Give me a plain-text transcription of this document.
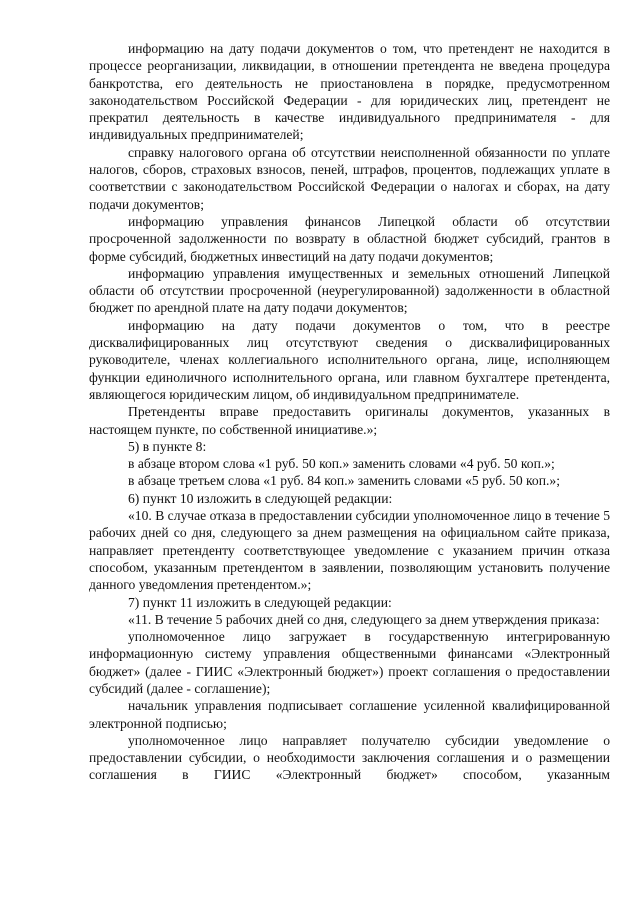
информацию на дату подачи документов о том, что претендент не находится в процессе реорганизации, ликвидации, в отношении претендента не введена процедура банкротства, его деятельность не приостановлена в порядке, предусмотренном законодательством Российской Федерации - для юридических лиц, претендент не прекратил деятельность в качестве индивидуального предпринимателя - для индивидуальных предпринимателей;

справку налогового органа об отсутствии неисполненной обязанности по уплате налогов, сборов, страховых взносов, пеней, штрафов, процентов, подлежащих уплате в соответствии с законодательством Российской Федерации о налогах и сборах, на дату подачи документов;

информацию управления финансов Липецкой области об отсутствии просроченной задолженности по возврату в областной бюджет субсидий, грантов в форме субсидий, бюджетных инвестиций на дату подачи документов;

информацию управления имущественных и земельных отношений Липецкой области об отсутствии просроченной (неурегулированной) задолженности в областной бюджет по арендной плате на дату подачи документов;

информацию на дату подачи документов о том, что в реестре дисквалифицированных лиц отсутствуют сведения о дисквалифицированных руководителе, членах коллегиального исполнительного органа, лице, исполняющем функции единоличного исполнительного органа, или главном бухгалтере претендента, являющегося юридическим лицом, об индивидуальном предпринимателе.

Претенденты вправе предоставить оригиналы документов, указанных в настоящем пункте, по собственной инициативе.»;

5) в пункте 8:

в абзаце втором слова «1 руб. 50 коп.» заменить словами «4 руб. 50 коп.»;

в абзаце третьем слова «1 руб. 84 коп.» заменить словами «5 руб. 50 коп.»;

6) пункт 10 изложить в следующей редакции:

«10. В случае отказа в предоставлении субсидии уполномоченное лицо в течение 5 рабочих дней со дня, следующего за днем размещения на официальном сайте приказа, направляет претенденту соответствующее уведомление с указанием причин отказа способом, указанным претендентом в заявлении, позволяющим установить получение данного уведомления претендентом.»;

7) пункт 11 изложить в следующей редакции:

«11. В течение 5 рабочих дней со дня, следующего за днем утверждения приказа:

уполномоченное лицо загружает в государственную интегрированную информационную систему управления общественными финансами «Электронный бюджет» (далее - ГИИС «Электронный бюджет») проект соглашения о предоставлении субсидий (далее - соглашение);

начальник управления подписывает соглашение усиленной квалифицированной электронной подписью;

уполномоченное лицо направляет получателю субсидии уведомление о предоставлении субсидии, о необходимости заключения соглашения и о размещении соглашения в ГИИС «Электронный бюджет» способом, указанным
